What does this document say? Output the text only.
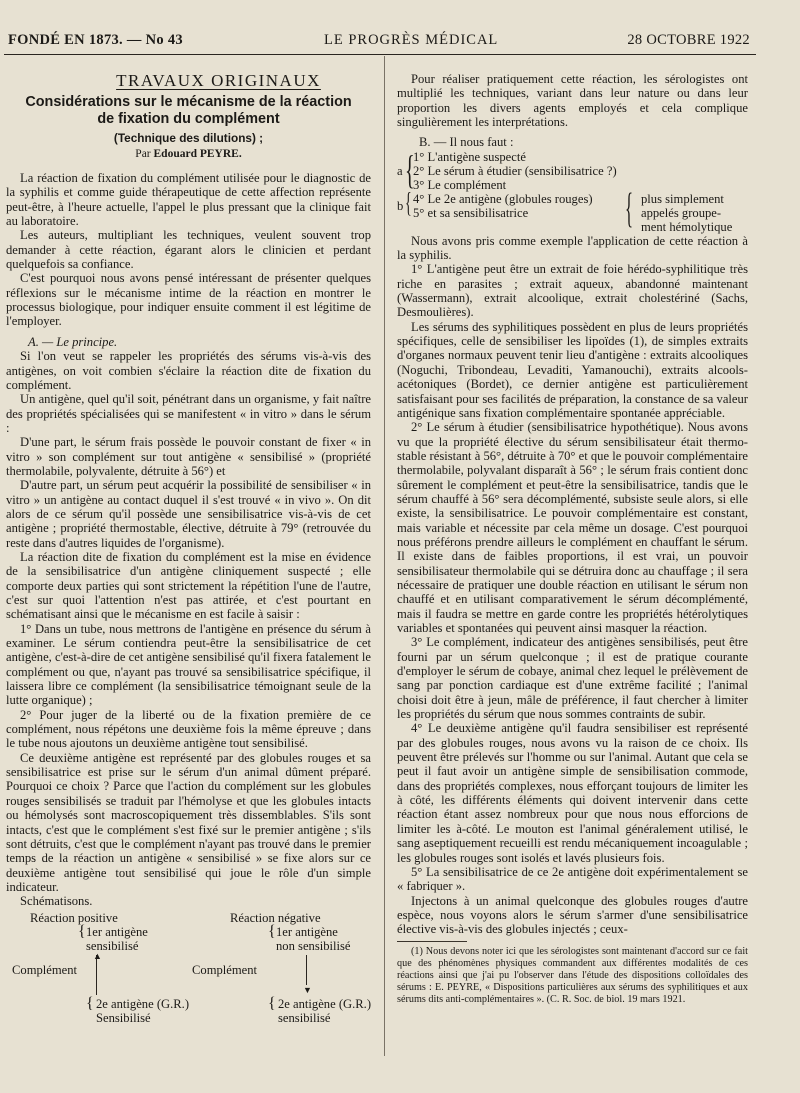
FONDÉ EN 1873. — No 43	LE PROGRÈS MÉDICAL	28 OCTOBRE 1922
TRAVAUX ORIGINAUX
Considérations sur le mécanisme de la réaction
de fixation du complément
(Technique des dilutions) ;
Par Edouard PEYRE.

La réaction de fixation du complément utilisée pour le diagnostic de la syphilis et comme guide thérapeutique de cette affection représente peut-être, à l'heure actuelle, l'appel le plus pressant que la clinique fait au laboratoire.

Les auteurs, multipliant les techniques, veulent souvent trop demander à cette réaction, égarant alors le clinicien et perdant quelquefois sa confiance.

C'est pourquoi nous avons pensé intéressant de présenter quelques réflexions sur le mécanisme intime de la réaction en montrer le processus biologique, pour indiquer ensuite comment il est légitime de l'employer.

A. — Le principe.

Si l'on veut se rappeler les propriétés des sérums vis-à-vis des antigènes, on voit combien s'éclaire la réaction dite de fixation du complément.

Un antigène, quel qu'il soit, pénétrant dans un organisme, y fait naître des propriétés spécialisées qui se manifestent « in vitro » dans le sérum :

D'une part, le sérum frais possède le pouvoir constant de fixer « in vitro » son complément sur tout antigène « sensibilisé » (propriété thermolabile, polyvalente, détruite à 56°) et

D'autre part, un sérum peut acquérir la possibilité de sensibiliser « in vitro » un antigène au contact duquel il s'est trouvé « in vivo ». On dit alors de ce sérum qu'il possède une sensibilisatrice vis-à-vis de cet antigène ; propriété thermostable, élective, détruite à 79° (retrouvée du reste dans d'autres liquides de l'organisme).

La réaction dite de fixation du complément est la mise en évidence de la sensibilisatrice d'un antigène cliniquement suspecté ; elle comporte deux parties qui sont strictement la répétition l'une de l'autre, c'est sur quoi l'attention n'est pas attirée, et c'est pourtant en schématisant ainsi que le mécanisme en est facile à saisir :

1° Dans un tube, nous mettrons de l'antigène en présence du sérum à examiner. Le sérum contiendra peut-être la sensibilisatrice de cet antigène, c'est-à-dire de cet antigène sensibilisé qu'il fixera fatalement le complément ou que, n'ayant pas trouvé sa sensibilisatrice spécifique, il laissera libre ce complément (la sensibilisatrice témoignant seule de la lutte organique) ;

2° Pour juger de la liberté ou de la fixation première de ce complément, nous répétons une deuxième fois la même épreuve ; dans le tube nous ajoutons un deuxième antigène tout sensibilisé.

Ce deuxième antigène est représenté par des globules rouges et sa sensibilisatrice est prise sur le sérum d'un animal dûment préparé. Pourquoi ce choix ? Parce que l'action du complément sur les globules rouges sensibilisés se traduit par l'hémolyse et que les globules intacts ou hémolysés sont macroscopiquement très dissemblables. S'ils sont intacts, c'est que le complément s'est fixé sur le premier antigène ; s'ils sont détruits, c'est que le complément n'ayant pas trouvé dans le premier temps de la réaction un antigène « sensibilisé » se fixe alors sur ce deuxième antigène tout sensibilisé qui joue le rôle d'un simple indicateur.

Schématisons.

Réaction positive	Réaction négative
{ 1er antigène
sensibilisé
{ 1er antigène
non sensibilisé
▲
▼
Complément	Complément
{ 2e antigène (G.R.)
Sensibilisé
{ 2e antigène (G.R.)
sensibilisé

Pour réaliser pratiquement cette réaction, les sérologistes ont multiplié les techniques, variant dans leur nature ou dans leur proportion les divers agents employés et cela complique singulièrement les interprétations.

B. — Il nous faut :

a {
1° L'antigène suspecté
2° Le sérum à étudier (sensibilisatrice ?)
3° Le complément
b { 4° Le 2e antigène (globules rouges)
5° et sa sensibilisatrice { plus simplement
appelés groupe-
ment hémolytique

Nous avons pris comme exemple l'application de cette réaction à la syphilis.

1° L'antigène peut être un extrait de foie hérédo-syphilitique très riche en parasites ; extrait aqueux, abandonné maintenant (Wassermann), extrait alcoolique, extrait cholestériné (Sachs, Desmoulières).

Les sérums des syphilitiques possèdent en plus de leurs propriétés spécifiques, celle de sensibiliser les lipoïdes (1), de simples extraits d'organes normaux peuvent tenir lieu d'antigène : extraits alcooliques (Noguchi, Tribondeau, Levaditi, Yamanouchi), extraits alcools-acétoniques (Bordet), ce dernier antigène est particulièrement satisfaisant pour ses facilités de préparation, la constance de sa valeur antigénique sans fixation complémentaire spontanée appréciable.

2° Le sérum à étudier (sensibilisatrice hypothétique). Nous avons vu que la propriété élective du sérum sensibilisateur était thermo-stable résistant à 56°, détruite à 70° et que le pouvoir complémentaire thermolabile, polyvalant disparaît à 56° ; le sérum frais contient donc sûrement le complément et peut-être la sensibilisatrice, tandis que le sérum chauffé à 56° sera décomplémenté, subsiste seule alors, si elle existe, la sensibilisatrice. Le pouvoir complémentaire est constant, mais variable et nécessite par cela même un dosage. C'est pourquoi nous préférons prendre ailleurs le complément en chauffant le sérum. Il existe dans de faibles proportions, il est vrai, un pouvoir sensibilisateur thermolabile qui se détruira donc au chauffage ; il sera nécessaire de pratiquer une double réaction en utilisant le sérum non chauffé et en utilisant comparativement le sérum décomplémenté, mais il faudra se mettre en garde contre les propriétés hétérolytiques variables et spontanées qui peuvent ainsi masquer la réaction.

3° Le complément, indicateur des antigènes sensibilisés, peut être fourni par un sérum quelconque ; il est de pratique courante d'employer le sérum de cobaye, animal chez lequel le prélèvement de sang par ponction cardiaque est d'une extrême facilité ; l'animal choisi doit être à jeun, mâle de préférence, il faut chercher à limiter les propriétés du sérum que nous sommes contraints de subir.

4° Le deuxième antigène qu'il faudra sensibiliser est représenté par des globules rouges, nous avons vu la raison de ce choix. Ils peuvent être prélevés sur l'homme ou sur l'animal. Autant que cela se peut il faut avoir un antigène simple de sensibilisation commode, dans des propriétés complexes, nous efforçant toujours de limiter les à côté, les différents éléments qui doivent intervenir dans cette réaction étant assez nombreux pour que nous nous efforcions de limiter les à-côté. Le mouton est l'animal généralement utilisé, le sang aseptiquement recueilli est rendu mécaniquement incoagulable ; les globules rouges sont isolés et lavés plusieurs fois.

5° La sensibilisatrice de ce 2e antigène doit expérimentalement se « fabriquer ».

Injectons à un animal quelconque des globules rouges d'autre espèce, nous voyons alors le sérum s'armer d'une sensibilisatrice élective vis-à-vis des globules injectés ; ceux-

(1) Nous devons noter ici que les sérologistes sont maintenant d'accord sur ce fait que des phénomènes physiques commandent aux différentes modalités de ces réactions ainsi que j'ai pu l'observer dans l'étude des dispositions colloïdales des sérums : E. PEYRE, « Dispositions particulières aux sérums des syphilitiques et aux sérums dits anti-complémentaires ». (C. R. Soc. de biol. 19 mars 1921.
